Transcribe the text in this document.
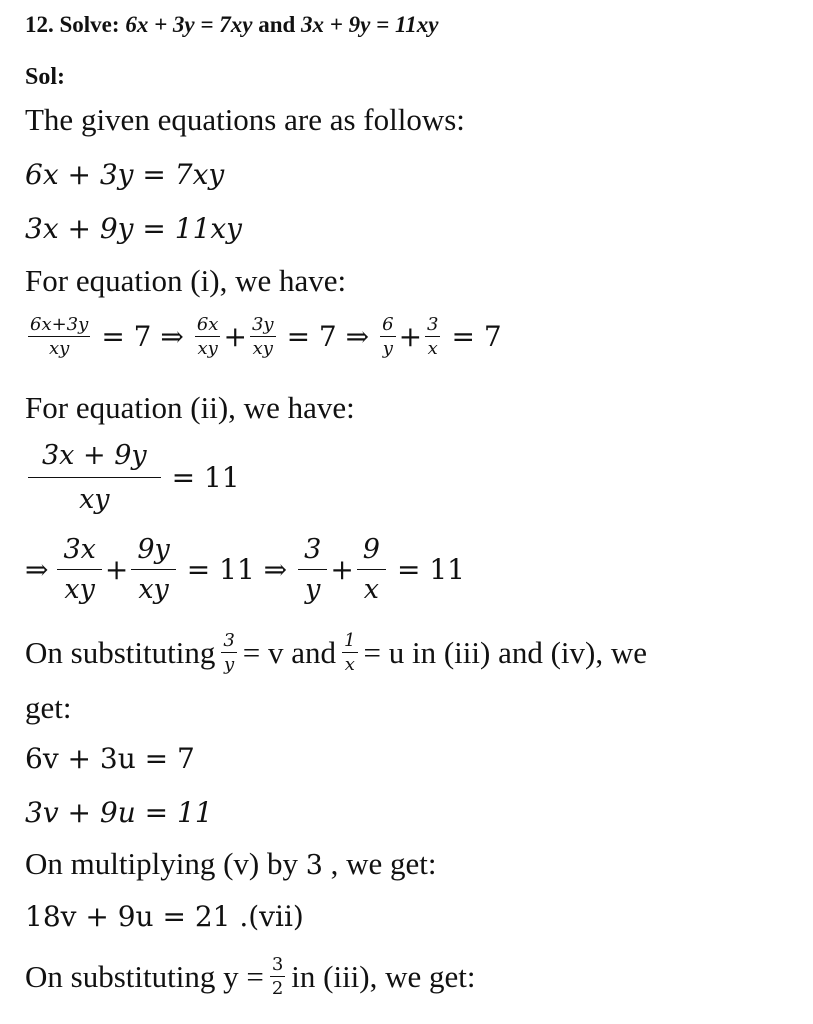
12. Solve: 6x + 3y = 7xy and 3x + 9y = 11xy
Sol:
The given equations are as follows:
6x + 3y = 7xy
3x + 9y = 11xy
For equation (i), we have:
$\frac{6x+3y}{xy} = 7$ ⇒ $\frac{6x}{xy} + \frac{3y}{xy} = 7$ ⇒ $\frac{6}{y} + \frac{3}{x} = 7$
For equation (ii), we have:
$\frac{3x + 9y}{xy} = 11$
⇒ $\frac{3x}{xy} + \frac{9y}{xy} = 11$ ⇒ $\frac{3}{y} + \frac{9}{x} = 11$
On substituting $\frac{3}{y} = v$ and $\frac{1}{x} = u$ in (iii) and (iv), we
get:
6v + 3u = 7
3v + 9u = 11
On multiplying (v) by 3 , we get:
18v + 9u = 21 .(vii)
On substituting $y = \frac{3}{2}$ in (iii), we get:
